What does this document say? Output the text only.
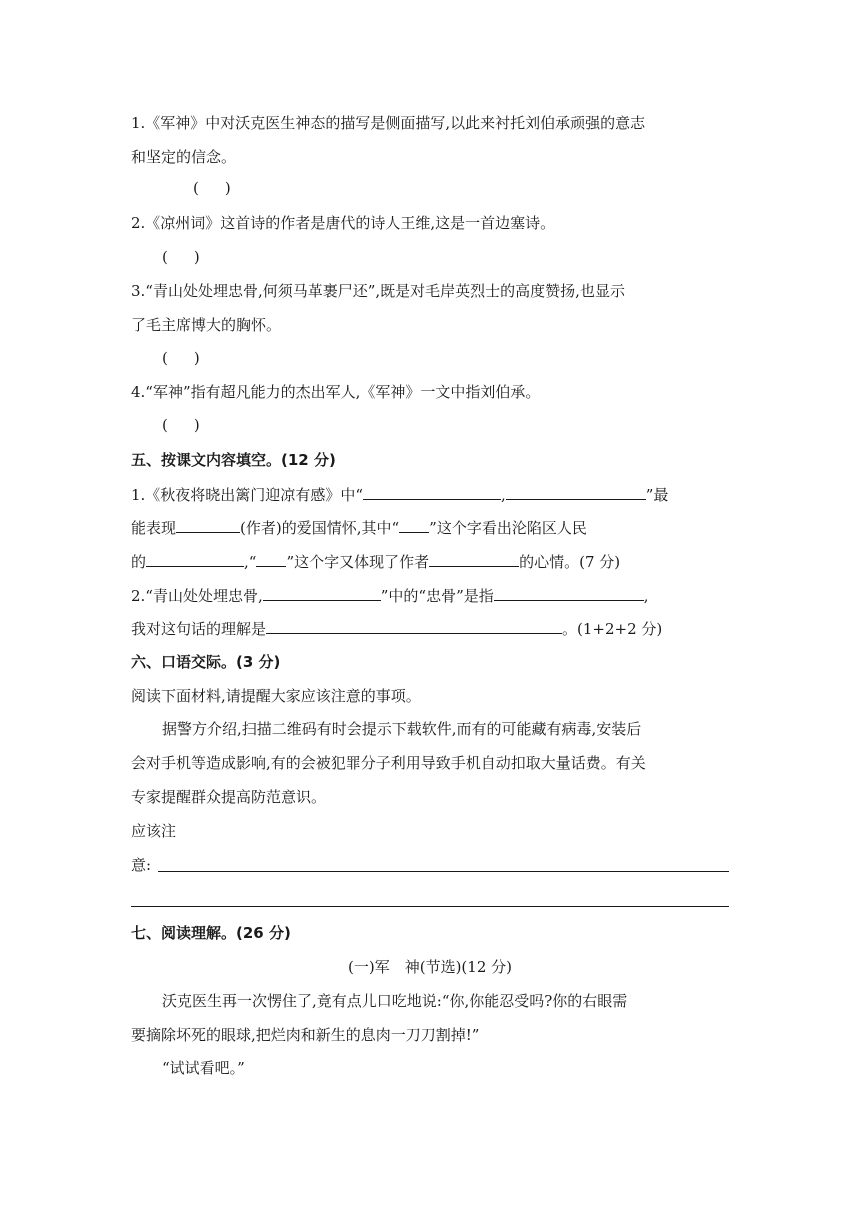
1.《军神》中对沃克医生神态的描写是侧面描写,以此来衬托刘伯承顽强的意志
和坚定的信念。
( )
2.《凉州词》这首诗的作者是唐代的诗人王维,这是一首边塞诗。
( )
3.“青山处处埋忠骨,何须马革裹尸还”,既是对毛岸英烈士的高度赞扬,也显示
了毛主席博大的胸怀。
( )
4.“军神”指有超凡能力的杰出军人,《军神》一文中指刘伯承。
( )
五、按课文内容填空。(12 分)
1.《秋夜将晓出篱门迎凉有感》中“	,	”最
能表现	(作者)的爱国情怀,其中“ ”这个字看出沦陷区人民
的	,“ ”这个字又体现了作者	的心情。(7 分)
2.“青山处处埋忠骨,	”中的“忠骨”是指	,
我对这句话的理解是	。(1+2+2 分)
六、口语交际。(3 分)
阅读下面材料,请提醒大家应该注意的事项。
据警方介绍,扫描二维码有时会提示下载软件,而有的可能藏有病毒,安装后
会对手机等造成影响,有的会被犯罪分子利用导致手机自动扣取大量话费。有关
专家提醒群众提高防范意识。
应该注
意:
七、阅读理解。(26 分)
(一)军　神(节选)(12 分)
沃克医生再一次愣住了,竟有点儿口吃地说:“你,你能忍受吗?你的右眼需
要摘除坏死的眼球,把烂肉和新生的息肉一刀刀割掉!”
“试试看吧。”
